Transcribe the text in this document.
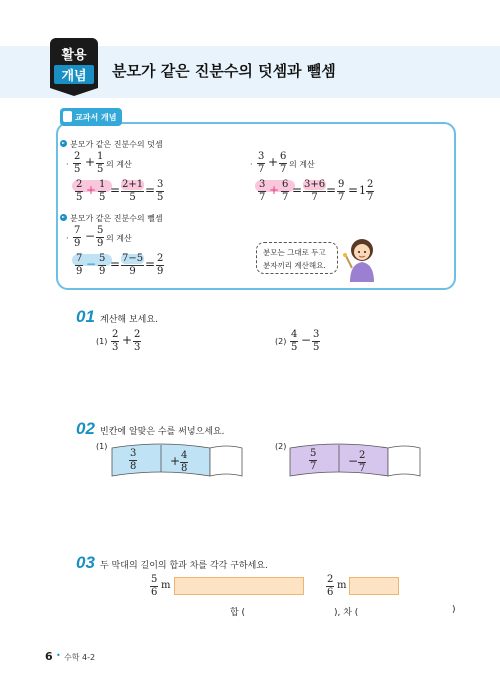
활용
개념	분모가 같은 진분수의 덧셈과 뺄셈
교과서 개념
분모가 같은 진분수의 덧셈
·
2
5
+ 1
5 의 계산
2
5
+ 1
5
= 2+1
5
= 3
5
·
3
7
+ 6
7 의 계산
3
7
+ 6
7
= 3+6
7
= 9
7
= 1 2
7
분모가 같은 진분수의 뺄셈
·
7
9
− 5
9 의 계산
7
9
− 5
9
= 7−5
9
= 2
9
분모는 그대로 두고
분자끼리 계산해요.
01 계산해 보세요.
(1)
2
3
+ 2
3
(2)
4
5
− 3
5
02 빈칸에 알맞은 수를 써넣으세요.
(1)
3
8	+ 4
8
(2)
5
7	− 2
7
03 두 막대의 길이의 합과 차를 각각 구하세요.
5
6
m
2
6
m
합 (	), 차 (	)
6 • 수학 4-2
